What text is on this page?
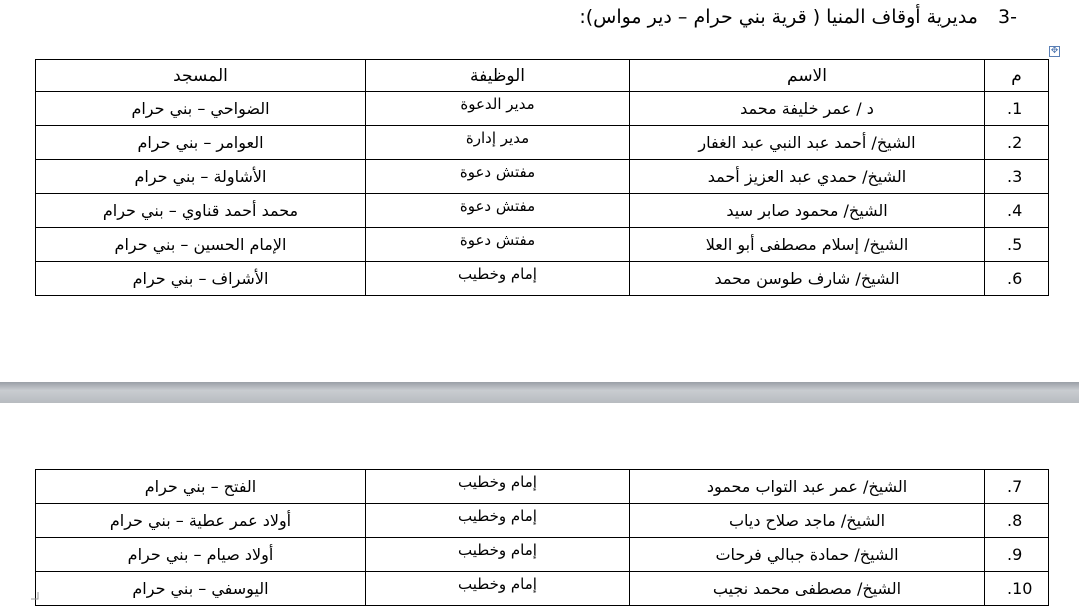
3- مديرية أوقاف المنيا ( قرية بني حرام – دير مواس):
✥
م	الاسم	الوظيفة	المسجد
.1	د / عمر خليفة محمد	مدير الدعوة	الضواحي – بني حرام
.2	الشيخ/ أحمد عبد النبي عبد الغفار	مدير إدارة	العوامر – بني حرام
.3	الشيخ/ حمدي عبد العزيز أحمد	مفتش دعوة	الأشاولة – بني حرام
.4	الشيخ/ محمود صابر سيد	مفتش دعوة	محمد أحمد قناوي – بني حرام
.5	الشيخ/ إسلام مصطفى أبو العلا	مفتش دعوة	الإمام الحسين – بني حرام
.6	الشيخ/ شارف طوسن محمد	إمام وخطيب	الأشراف – بني حرام
.7	الشيخ/ عمر عبد التواب محمود	إمام وخطيب	الفتح – بني حرام
.8	الشيخ/ ماجد صلاح دياب	إمام وخطيب	أولاد عمر عطية – بني حرام
.9	الشيخ/ حمادة جبالي فرحات	إمام وخطيب	أولاد صيام – بني حرام
.10	الشيخ/ مصطفى محمد نجيب	إمام وخطيب	اليوسفي – بني حرام
